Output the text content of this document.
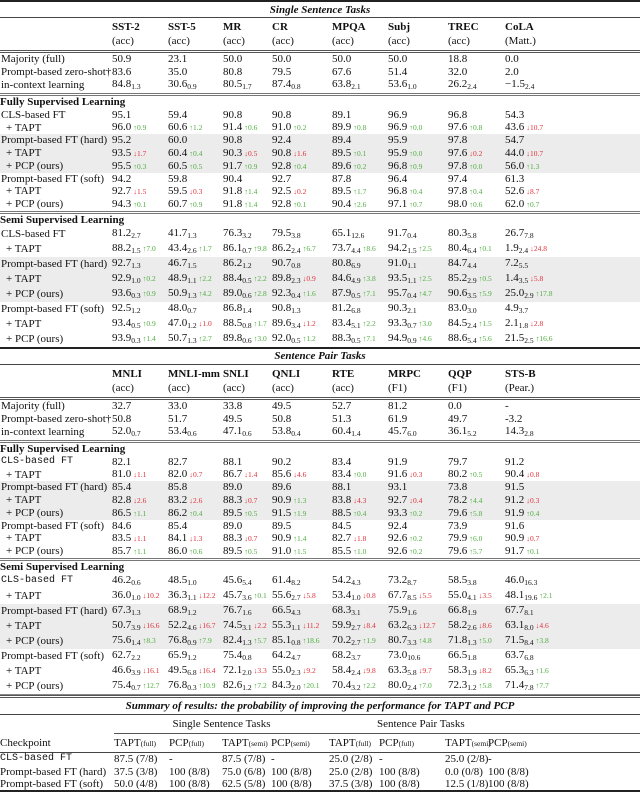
Single Sentence Tasks									
	SST-2	SST-5	MR	CR	MPQA	Subj	TREC	CoLA	
	(acc)	(acc)	(acc)	(acc)	(acc)	(acc)	(acc)	(Matt.)	
Majority (full)	50.9	23.1	50.0	50.0	50.0	50.0	18.8	0.0	
Prompt-based zero-shot†	83.6	35.0	80.8	79.5	67.6	51.4	32.0	2.0	
in-context learning	$84.8_{1.3}$	$30.6_{0.9}$	$80.5_{1.7}$	$87.4_{0.8}$	$63.8_{2.1}$	$53.6_{1.0}$	$26.2_{2.4}$	$-1.5_{2.4}$	
Fully Supervised Learning									
CLS-based FT	95.1	59.4	90.8	90.8	89.1	96.9	96.8	54.3	
+ TAPT	96.0 ↑0.9	60.6 ↑1.2	91.4 ↑0.6	91.0 ↑0.2	89.9 ↑0.8	96.9 ↑0.0	97.6 ↑0.8	43.6 ↓10.7	
Prompt-based FT (hard)	95.2	60.0	90.8	92.4	89.4	95.9	97.8	54.7	
+ TAPT	93.5 ↓1.7	60.4 ↑0.4	90.3 ↓0.5	90.8 ↓1.6	89.5 ↑0.1	95.9 ↑0.0	97.6 ↓0.2	44.0 ↓10.7	
+ PCP (ours)	95.5 ↑0.3	60.5 ↑0.5	91.7 ↑0.9	92.8 ↑0.4	89.6 ↑0.2	96.8 ↑0.9	97.8 ↑0.0	56.0 ↑1.3	
Prompt-based FT (soft)	94.2	59.8	90.4	92.7	87.8	96.4	97.4	61.3	
+ TAPT	92.7 ↓1.5	59.5 ↓0.3	91.8 ↑1.4	92.5 ↓0.2	89.5 ↑1.7	96.8 ↑0.4	97.8 ↑0.4	52.6 ↓8.7	
+ PCP (ours)	94.3 ↑0.1	60.7 ↑0.9	91.8 ↑1.4	92.8 ↑0.1	90.4 ↑2.6	97.1 ↑0.7	98.0 ↑0.6	62.0 ↑0.7	
Semi Supervised Learning									
CLS-based FT	$81.2_{2.7}$	$41.7_{1.3}$	$76.3_{3.2}$	$79.5_{3.8}$	$65.1_{12.6}$	$91.7_{0.4}$	$80.3_{5.8}$	$26.7_{7.8}$	
+ TAPT	$88.2_{1.5}$ ↑7.0	$43.4_{2.6}$ ↑1.7	$86.1_{0.7}$ ↑9.8	$86.2_{2.4}$ ↑6.7	$73.7_{4.4}$ ↑8.6	$94.2_{1.5}$ ↑2.5	$80.4_{6.4}$ ↑0.1	$1.9_{2.4}$ ↓24.8	
Prompt-based FT (hard)	$92.7_{1.3}$	$46.7_{1.5}$	$86.2_{1.2}$	$90.7_{0.8}$	$80.8_{6.9}$	$91.0_{1.1}$	$84.7_{4.4}$	$7.2_{5.5}$	
+ TAPT	$92.9_{1.0}$ ↑0.2	$48.9_{1.1}$ ↑2.2	$88.4_{0.5}$ ↑2.2	$89.8_{2.3}$ ↓0.9	$84.6_{4.9}$ ↑3.8	$93.5_{1.1}$ ↑2.5	$85.2_{2.9}$ ↑0.5	$1.4_{3.5}$ ↓5.8	
+ PCP (ours)	$93.6_{0.3}$ ↑0.9	$50.9_{1.3}$ ↑4.2	$89.0_{0.6}$ ↑2.8	$92.3_{0.4}$ ↑1.6	$87.9_{0.5}$ ↑7.1	$95.7_{0.4}$ ↑4.7	$90.6_{3.5}$ ↑5.9	$25.0_{2.9}$ ↑17.8	
Prompt-based FT (soft)	$92.5_{1.2}$	$48.0_{0.7}$	$86.8_{1.4}$	$90.8_{1.3}$	$81.2_{6.8}$	$90.3_{2.1}$	$83.0_{3.0}$	$4.9_{3.7}$	
+ TAPT	$93.4_{0.5}$ ↑0.9	$47.0_{1.2}$ ↓1.0	$88.5_{0.8}$ ↑1.7	$89.6_{3.4}$ ↓1.2	$83.4_{5.1}$ ↑2.2	$93.3_{0.7}$ ↑3.0	$84.5_{2.4}$ ↑1.5	$2.1_{1.8}$ ↓2.8	
+ PCP (ours)	$93.9_{0.3}$ ↑1.4	$50.7_{1.3}$ ↑2.7	$89.8_{0.6}$ ↑3.0	$92.0_{0.5}$ ↑1.2	$88.3_{0.5}$ ↑7.1	$94.9_{0.9}$ ↑4.6	$88.6_{5.4}$ ↑5.6	$21.5_{2.5}$ ↑16.6	
Sentence Pair Tasks									
	MNLI	MNLI-mm	SNLI	QNLI	RTE	MRPC	QQP	STS-B	
	(acc)	(acc)	(acc)	(acc)	(acc)	(F1)	(F1)	(Pear.)	
Majority (full)	32.7	33.0	33.8	49.5	52.7	81.2	0.0	-	
Prompt-based zero-shot†	50.8	51.7	49.5	50.8	51.3	61.9	49.7	-3.2	
in-context learning	$52.0_{0.7}$	$53.4_{0.6}$	$47.1_{0.6}$	$53.8_{0.4}$	$60.4_{1.4}$	$45.7_{6.0}$	$36.1_{5.2}$	$14.3_{2.8}$	
Fully Supervised Learning									
CLS-based FT	82.1	82.7	88.1	90.2	83.4	91.9	79.7	91.2	
+ TAPT	81.0 ↓1.1	82.0 ↓0.7	86.7 ↓1.4	85.6 ↓4.6	83.4 ↑0.0	91.6 ↓0.3	80.2 ↑0.5	90.4 ↓0.8	
Prompt-based FT (hard)	85.4	85.8	89.0	89.6	88.1	93.1	73.8	91.5	
+ TAPT	82.8 ↓2.6	83.2 ↓2.6	88.3 ↓0.7	90.9 ↑1.3	83.8 ↓4.3	92.7 ↓0.4	78.2 ↑4.4	91.2 ↓0.3	
+ PCP (ours)	86.5 ↑1.1	86.2 ↑0.4	89.5 ↑0.5	91.5 ↑1.9	88.5 ↑0.4	93.3 ↑0.2	79.6 ↑5.8	91.9 ↑0.4	
Prompt-based FT (soft)	84.6	85.4	89.0	89.5	84.5	92.4	73.9	91.6	
+ TAPT	83.5 ↓1.1	84.1 ↓1.3	88.3 ↓0.7	90.9 ↑1.4	82.7 ↓1.8	92.6 ↑0.2	79.9 ↑6.0	90.9 ↓0.7	
+ PCP (ours)	85.7 ↑1.1	86.0 ↑0.6	89.5 ↑0.5	91.0 ↑1.5	85.5 ↑1.0	92.6 ↑0.2	79.6 ↑5.7	91.7 ↑0.1	
Semi Supervised Learning									
CLS-based FT	$46.2_{0.6}$	$48.5_{1.0}$	$45.6_{5.4}$	$61.4_{8.2}$	$54.2_{4.3}$	$73.2_{8.7}$	$58.5_{3.8}$	$46.0_{16.3}$	
+ TAPT	$36.0_{1.0}$ ↓10.2	$36.3_{1.1}$ ↓12.2	$45.7_{3.6}$ ↑0.1	$55.6_{2.7}$ ↓5.8	$53.4_{1.0}$ ↓0.8	$67.7_{8.5}$ ↓5.5	$55.0_{4.1}$ ↓3.5	$48.1_{19.6}$ ↑2.1	
Prompt-based FT (hard)	$67.3_{1.3}$	$68.9_{1.2}$	$76.7_{1.6}$	$66.5_{4.3}$	$68.3_{3.1}$	$75.9_{1.6}$	$66.8_{1.9}$	$67.7_{8.1}$	
+ TAPT	$50.7_{3.9}$ ↓16.6	$52.2_{4.6}$ ↓16.7	$74.5_{3.1}$ ↓2.2	$55.3_{1.1}$ ↓11.2	$59.9_{2.7}$ ↓8.4	$63.2_{6.3}$ ↓12.7	$58.2_{2.6}$ ↓8.6	$63.1_{8.0}$ ↓4.6	
+ PCP (ours)	$75.6_{1.4}$ ↑8.3	$76.8_{0.9}$ ↑7.9	$82.4_{1.3}$ ↑5.7	$85.1_{0.8}$ ↑18.6	$70.2_{2.7}$ ↑1.9	$80.7_{3.3}$ ↑4.8	$71.8_{1.3}$ ↑5.0	$71.5_{8.4}$ ↑3.8	
Prompt-based FT (soft)	$62.7_{2.2}$	$65.9_{1.2}$	$75.4_{0.8}$	$64.2_{4.7}$	$68.2_{3.7}$	$73.0_{10.6}$	$66.5_{1.8}$	$63.7_{6.8}$	
+ TAPT	$46.6_{3.9}$ ↓16.1	$49.5_{6.8}$ ↓16.4	$72.1_{2.0}$ ↓3.3	$55.0_{2.3}$ ↓9.2	$58.4_{2.4}$ ↓9.8	$63.3_{5.8}$ ↓9.7	$58.3_{1.9}$ ↓8.2	$65.3_{6.3}$ ↑1.6	
+ PCP (ours)	$75.4_{0.7}$ ↑12.7	$76.8_{0.3}$ ↑10.9	$82.6_{1.2}$ ↑7.2	$84.3_{2.0}$ ↑20.1	$70.4_{3.2}$ ↑2.2	$80.0_{2.4}$ ↑7.0	$72.3_{1.2}$ ↑5.8	$71.4_{7.8}$ ↑7.7	
Summary of results: the probability of improving the performance for TAPT and PCP								
	Single Sentence Tasks				Sentence Pair Tasks			
Checkpoint	TAPT(full)	PCP(full)	TAPT(semi)	PCP(semi)	TAPT(full)	PCP(full)	TAPT(semi)	PCP(semi)
CLS-based FT	87.5 (7/8)	-	87.5 (7/8)	-	25.0 (2/8)	-	25.0 (2/8)	-
Prompt-based FT (hard)	37.5 (3/8)	100 (8/8)	75.0 (6/8)	100 (8/8)	25.0 (2/8)	100 (8/8)	0.0 (0/8)	100 (8/8)
Prompt-based FT (soft)	50.0 (4/8)	100 (8/8)	62.5 (5/8)	100 (8/8)	37.5 (3/8)	100 (8/8)	12.5 (1/8)	100 (8/8)
